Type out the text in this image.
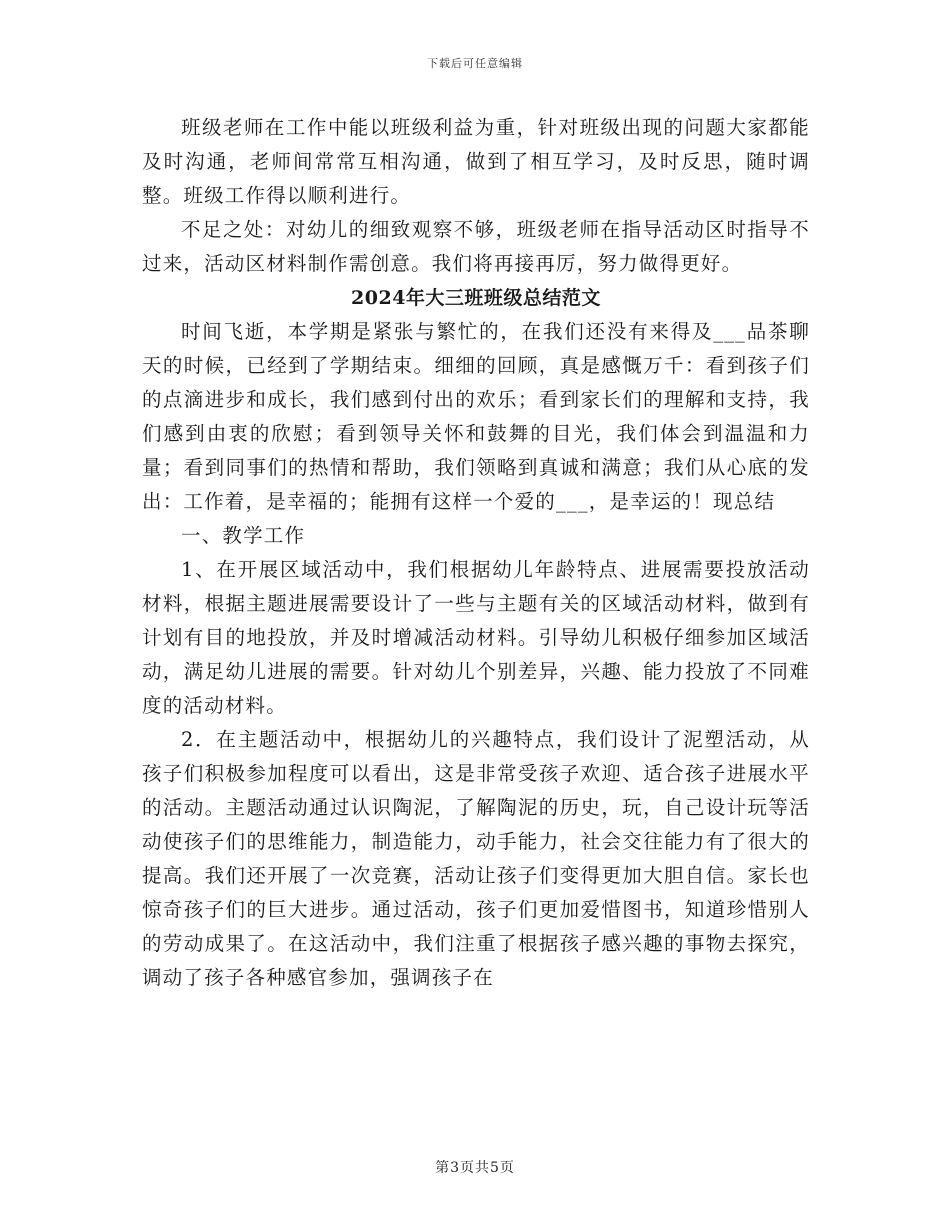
下载后可任意编辑

班级老师在工作中能以班级利益为重，针对班级出现的问题大家都能及时沟通，老师间常常互相沟通，做到了相互学习，及时反思，随时调整。班级工作得以顺利进行。

不足之处：对幼儿的细致观察不够，班级老师在指导活动区时指导不过来，活动区材料制作需创意。我们将再接再厉，努力做得更好。

2024年大三班班级总结范文

时间飞逝，本学期是紧张与繁忙的，在我们还没有来得及___品茶聊天的时候，已经到了学期结束。细细的回顾，真是感慨万千：看到孩子们的点滴进步和成长，我们感到付出的欢乐；看到家长们的理解和支持，我们感到由衷的欣慰；看到领导关怀和鼓舞的目光，我们体会到温温和力量；看到同事们的热情和帮助，我们领略到真诚和满意；我们从心底的发出：工作着，是幸福的；能拥有这样一个爱的___，是幸运的！现总结

一、教学工作

1、在开展区域活动中，我们根据幼儿年龄特点、进展需要投放活动材料，根据主题进展需要设计了一些与主题有关的区域活动材料，做到有计划有目的地投放，并及时增减活动材料。引导幼儿积极仔细参加区域活动，满足幼儿进展的需要。针对幼儿个别差异，兴趣、能力投放了不同难度的活动材料。

2．在主题活动中，根据幼儿的兴趣特点，我们设计了泥塑活动，从孩子们积极参加程度可以看出，这是非常受孩子欢迎、适合孩子进展水平的活动。主题活动通过认识陶泥，了解陶泥的历史，玩，自己设计玩等活动使孩子们的思维能力，制造能力，动手能力，社会交往能力有了很大的提高。我们还开展了一次竞赛，活动让孩子们变得更加大胆自信。家长也惊奇孩子们的巨大进步。通过活动，孩子们更加爱惜图书，知道珍惜别人的劳动成果了。在这活动中，我们注重了根据孩子感兴趣的事物去探究，调动了孩子各种感官参加，强调孩子在

第3页共5页
